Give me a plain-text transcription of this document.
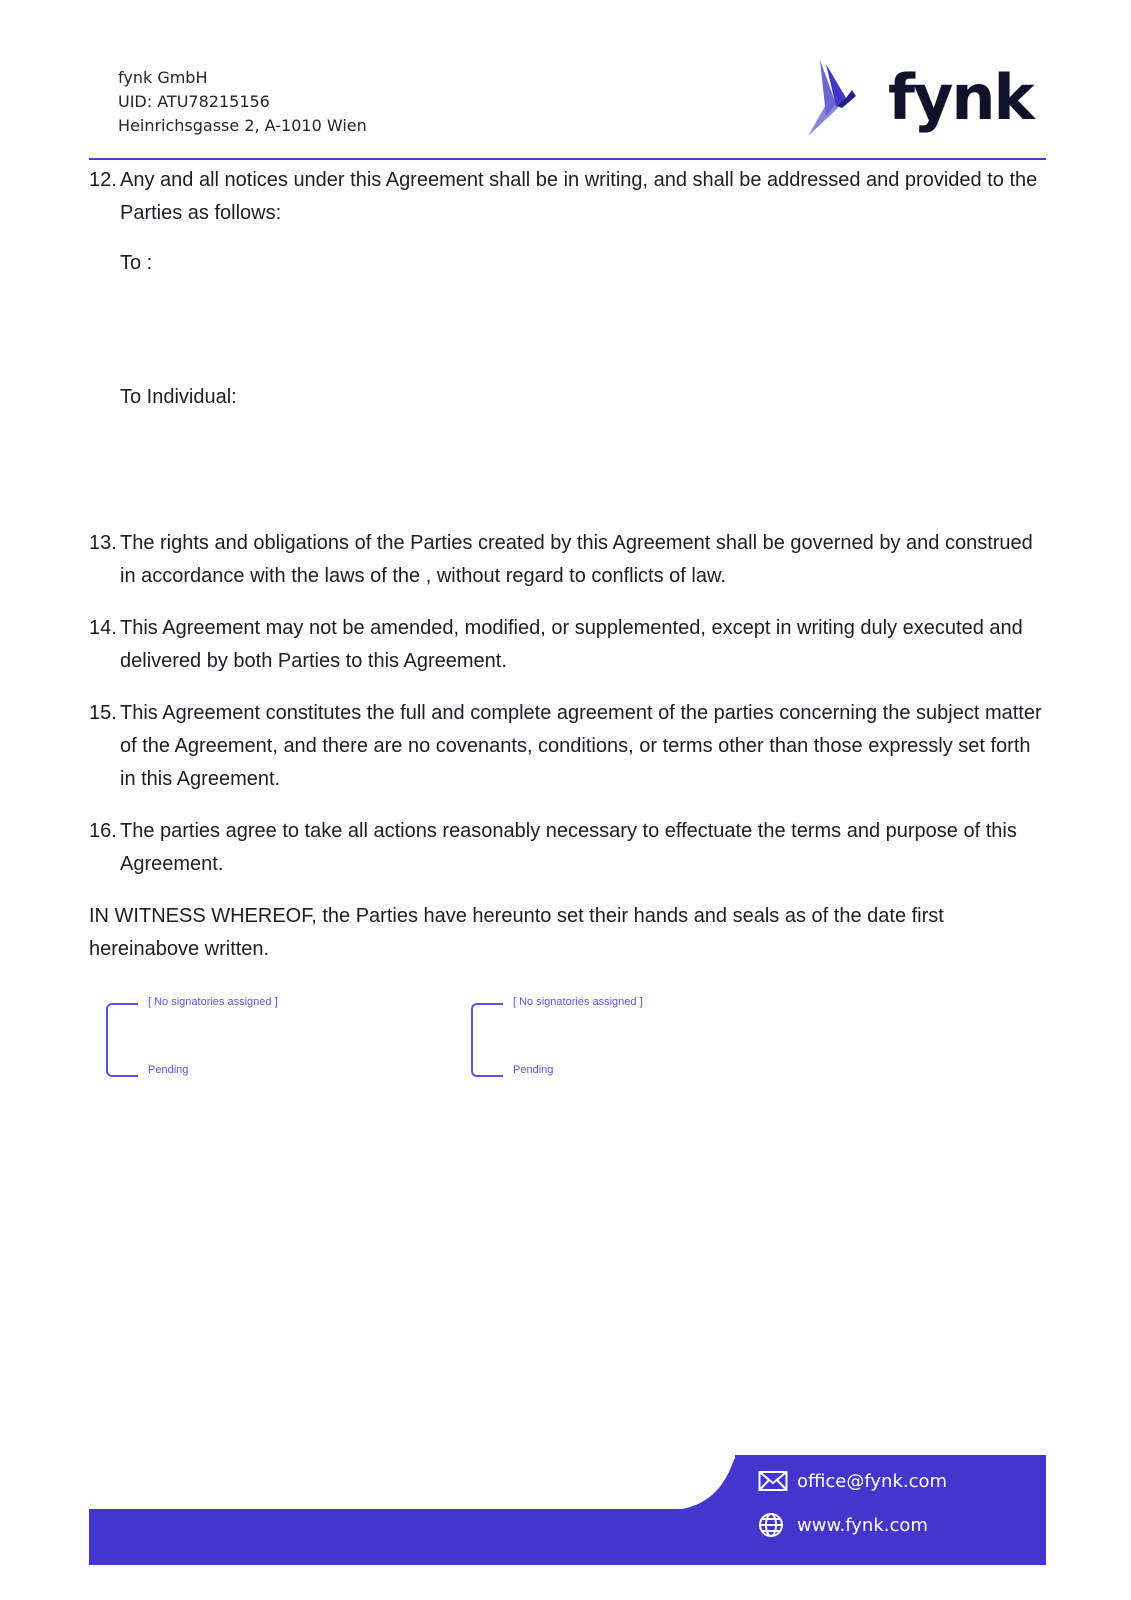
fynk GmbH
UID: ATU78215156
Heinrichsgasse 2, A-1010 Wien	fynk
12. Any and all notices under this Agreement shall be in writing, and shall be addressed and provided to the Parties as follows:
To :
To Individual:
13. The rights and obligations of the Parties created by this Agreement shall be governed by and construed in accordance with the laws of the , without regard to conflicts of law.
14. This Agreement may not be amended, modified, or supplemented, except in writing duly executed and delivered by both Parties to this Agreement.
15. This Agreement constitutes the full and complete agreement of the parties concerning the subject matter of the Agreement, and there are no covenants, conditions, or terms other than those expressly set forth in this Agreement.
16. The parties agree to take all actions reasonably necessary to effectuate the terms and purpose of this Agreement.
IN WITNESS WHEREOF, the Parties have hereunto set their hands and seals as of the date first hereinabove written.
[ No signatories assigned ]
Pending
[ No signatories assigned ]
Pending
office@fynk.com
www.fynk.com
